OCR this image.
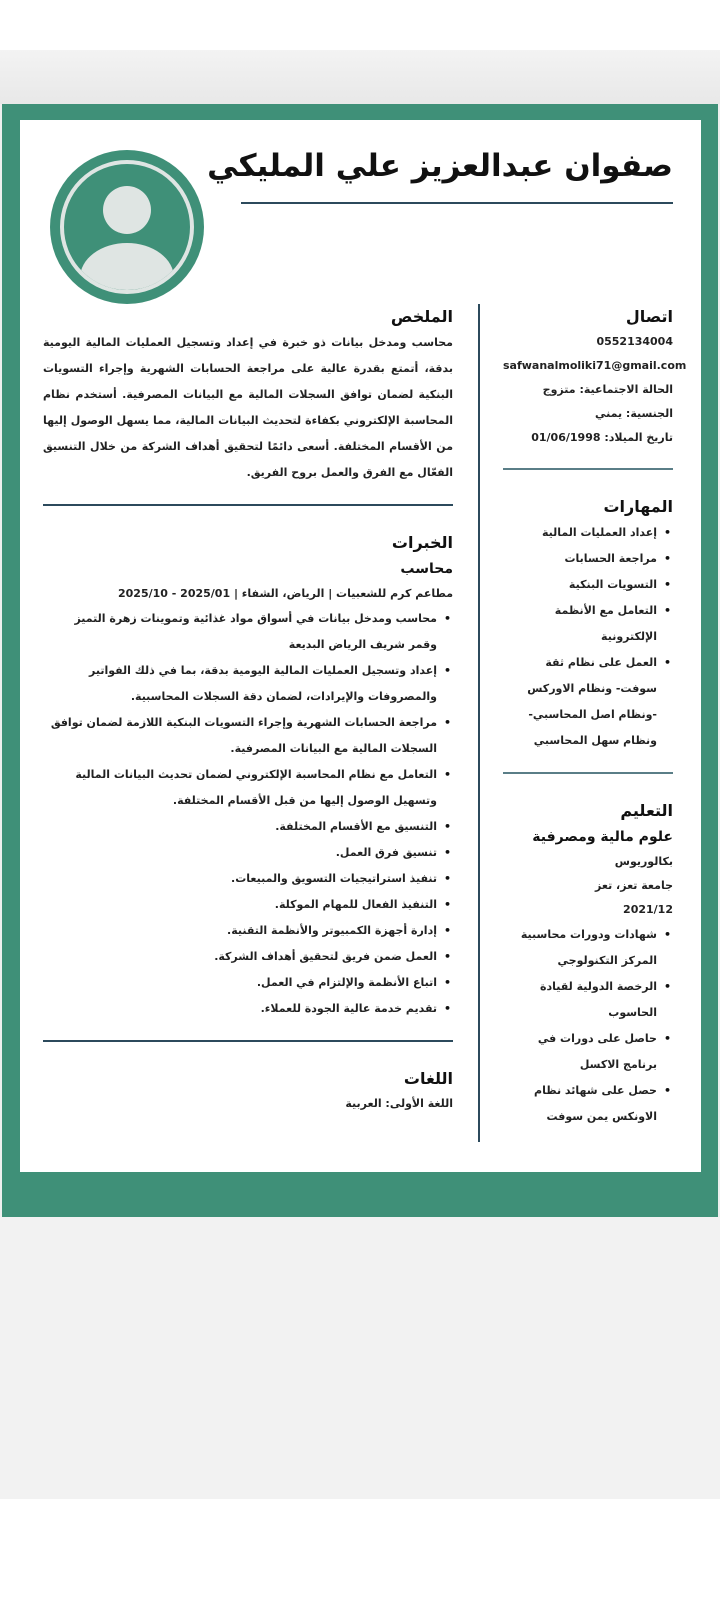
صفوان عبدالعزيز علي المليكي
اتصال

0552134004

safwanalmoliki71@gmail.com

الحالة الاجتماعية: متزوج

الجنسية: يمني

تاريخ الميلاد: 01/06/1998

المهارات
• إعداد العمليات المالية
• مراجعة الحسابات
• التسويات البنكية
• التعامل مع الأنظمة الإلكترونية
• العمل على نظام ثقة سوفت- ونظام الاوركس -ونظام اصل المحاسبي- ونظام سهل المحاسبي
التعليم
علوم مالية ومصرفية

بكالوريوس

جامعة تعز، تعز

2021/12

• شهادات ودورات محاسبية المركز التكنولوجي
• الرخصة الدولية لقيادة الحاسوب
• حاصل على دورات في برنامج الاكسل
• حصل على شهائد نظام الاونكس يمن سوفت
الملخص

محاسب ومدخل بيانات ذو خبرة في إعداد وتسجيل العمليات المالية اليومية بدقة، أتمتع بقدرة عالية على مراجعة الحسابات الشهرية وإجراء التسويات البنكية لضمان توافق السجلات المالية مع البيانات المصرفية. أستخدم نظام المحاسبة الإلكتروني بكفاءة لتحديث البيانات المالية، مما يسهل الوصول إليها من الأقسام المختلفة. أسعى دائمًا لتحقيق أهداف الشركة من خلال التنسيق الفعّال مع الفرق والعمل بروح الفريق.

الخبرات
محاسب

مطاعم كرم للشعبيات | الرياض، الشفاء | 2025/01 - 2025/10

• محاسب ومدخل بيانات في أسواق مواد غذائية وتموينات زهرة التميز وقمر شريف الرياض البديعة
• إعداد وتسجيل العمليات المالية اليومية بدقة، بما في ذلك الفواتير والمصروفات والإيرادات، لضمان دقة السجلات المحاسبية.
• مراجعة الحسابات الشهرية وإجراء التسويات البنكية اللازمة لضمان توافق السجلات المالية مع البيانات المصرفية.
• التعامل مع نظام المحاسبة الإلكتروني لضمان تحديث البيانات المالية وتسهيل الوصول إليها من قبل الأقسام المختلفة.
• التنسيق مع الأقسام المختلفة.
• تنسيق فرق العمل.
• تنفيذ استراتيجيات التسويق والمبيعات.
• التنفيذ الفعال للمهام الموكلة.
• إدارة أجهزة الكمبيوتر والأنظمة التقنية.
• العمل ضمن فريق لتحقيق أهداف الشركة.
• اتباع الأنظمة والإلتزام في العمل.
• تقديم خدمة عالية الجودة للعملاء.
اللغات

اللغة الأولى: العربية
